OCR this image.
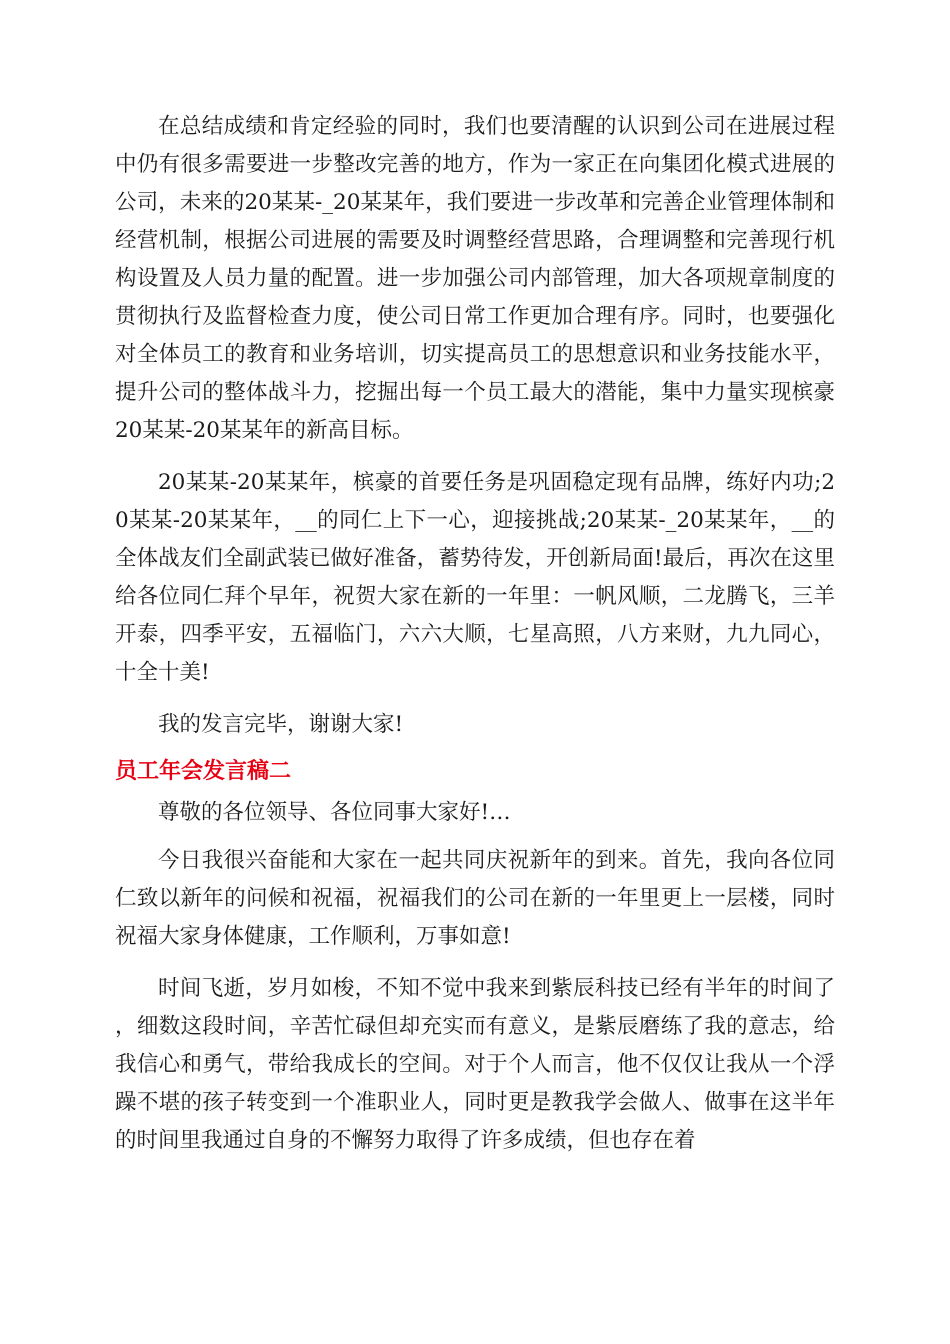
在总结成绩和肯定经验的同时，我们也要清醒的认识到公司在进展过程中仍有很多需要进一步整改完善的地方，作为一家正在向集团化模式进展的公司，未来的20某某-_20某某年，我们要进一步改革和完善企业管理体制和经营机制，根据公司进展的需要及时调整经营思路，合理调整和完善现行机构设置及人员力量的配置。进一步加强公司内部管理，加大各项规章制度的贯彻执行及监督检查力度，使公司日常工作更加合理有序。同时，也要强化对全体员工的教育和业务培训，切实提高员工的思想意识和业务技能水平，提升公司的整体战斗力，挖掘出每一个员工最大的潜能，集中力量实现槟豪20某某-20某某年的新高目标。

20某某-20某某年，槟豪的首要任务是巩固稳定现有品牌，练好内功;20某某-20某某年，__的同仁上下一心，迎接挑战;20某某-_20某某年，__的全体战友们全副武装已做好准备，蓄势待发，开创新局面!最后，再次在这里给各位同仁拜个早年，祝贺大家在新的一年里：一帆风顺，二龙腾飞，三羊开泰，四季平安，五福临门，六六大顺，七星高照，八方来财，九九同心，十全十美!

我的发言完毕，谢谢大家!

员工年会发言稿二

尊敬的各位领导、各位同事大家好!…

今日我很兴奋能和大家在一起共同庆祝新年的到来。首先，我向各位同仁致以新年的问候和祝福，祝福我们的公司在新的一年里更上一层楼，同时祝福大家身体健康，工作顺利，万事如意!

时间飞逝，岁月如梭，不知不觉中我来到紫辰科技已经有半年的时间了，细数这段时间，辛苦忙碌但却充实而有意义，是紫辰磨练了我的意志，给我信心和勇气，带给我成长的空间。对于个人而言，他不仅仅让我从一个浮躁不堪的孩子转变到一个准职业人，同时更是教我学会做人、做事在这半年的时间里我通过自身的不懈努力取得了许多成绩，但也存在着
